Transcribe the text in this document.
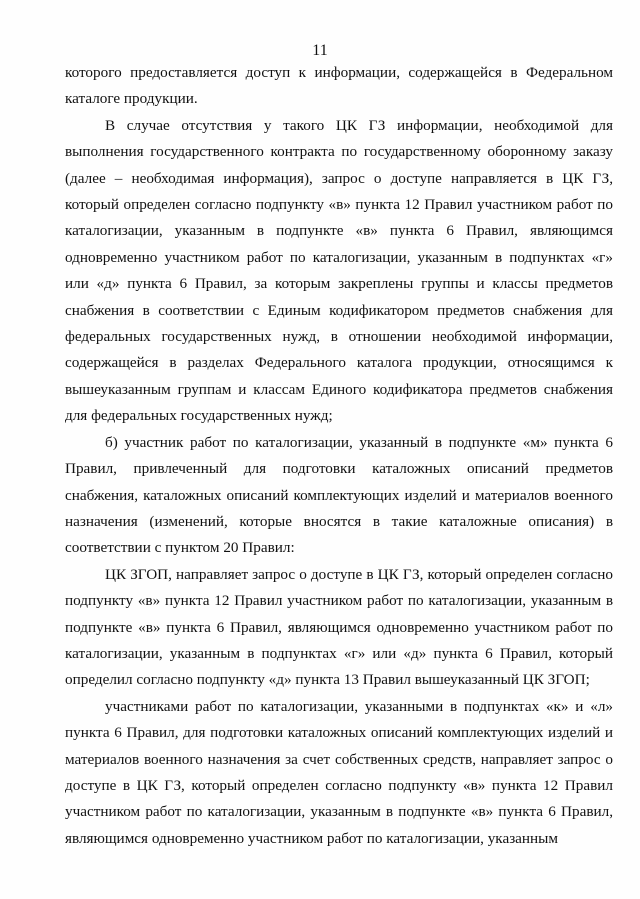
11

которого предоставляется доступ к информации, содержащейся в Федеральном каталоге продукции.

В случае отсутствия у такого ЦК ГЗ информации, необходимой для выполнения государственного контракта по государственному оборонному заказу (далее – необходимая информация), запрос о доступе направляется в ЦК ГЗ, который определен согласно подпункту «в» пункта 12 Правил участником работ по каталогизации, указанным в подпункте «в» пункта 6 Правил, являющимся одновременно участником работ по каталогизации, указанным в подпунктах «г» или «д» пункта 6 Правил, за которым закреплены группы и классы предметов снабжения в соответствии с Единым кодификатором предметов снабжения для федеральных государственных нужд, в отношении необходимой информации, содержащейся в разделах Федерального каталога продукции, относящимся к вышеуказанным группам и классам Единого кодификатора предметов снабжения для федеральных государственных нужд;

б) участник работ по каталогизации, указанный в подпункте «м» пункта 6 Правил, привлеченный для подготовки каталожных описаний предметов снабжения, каталожных описаний комплектующих изделий и материалов военного назначения (изменений, которые вносятся в такие каталожные описания) в соответствии с пунктом 20 Правил:

ЦК ЗГОП, направляет запрос о доступе в ЦК ГЗ, который определен согласно подпункту «в» пункта 12 Правил участником работ по каталогизации, указанным в подпункте «в» пункта 6 Правил, являющимся одновременно участником работ по каталогизации, указанным в подпунктах «г» или «д» пункта 6 Правил, который определил согласно подпункту «д» пункта 13 Правил вышеуказанный ЦК ЗГОП;

участниками работ по каталогизации, указанными в подпунктах «к» и «л» пункта 6 Правил, для подготовки каталожных описаний комплектующих изделий и материалов военного назначения за счет собственных средств, направляет запрос о доступе в ЦК ГЗ, который определен согласно подпункту «в» пункта 12 Правил участником работ по каталогизации, указанным в подпункте «в» пункта 6 Правил, являющимся одновременно участником работ по каталогизации, указанным
